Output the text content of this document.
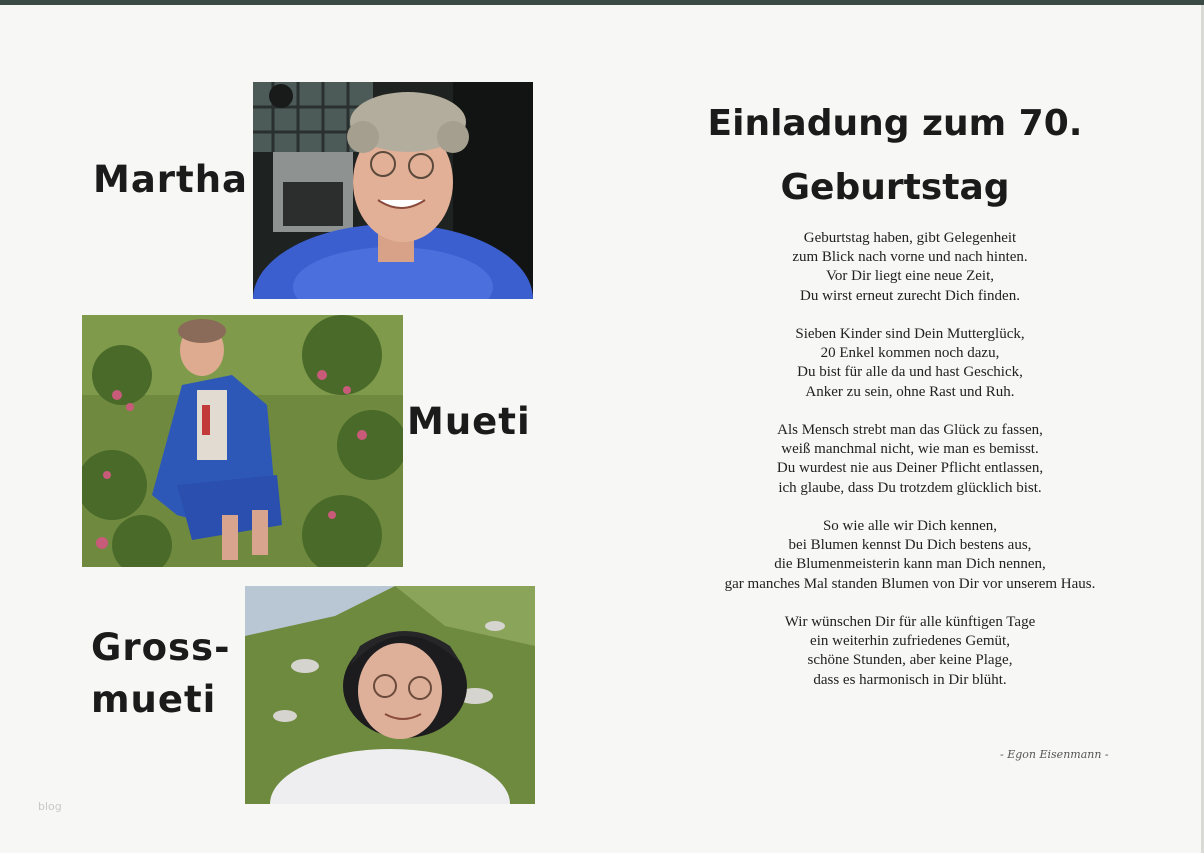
Martha
Mueti
Gross-
mueti
Einladung zum 70.
Geburtstag
Geburtstag haben, gibt Gelegenheit
zum Blick nach vorne und nach hinten.
Vor Dir liegt eine neue Zeit,
Du wirst erneut zurecht Dich finden.
Sieben Kinder sind Dein Mutterglück,
20 Enkel kommen noch dazu,
Du bist für alle da und hast Geschick,
Anker zu sein, ohne Rast und Ruh.
Als Mensch strebt man das Glück zu fassen,
weiß manchmal nicht, wie man es bemisst.
Du wurdest nie aus Deiner Pflicht entlassen,
ich glaube, dass Du trotzdem glücklich bist.
So wie alle wir Dich kennen,
bei Blumen kennst Du Dich bestens aus,
die Blumenmeisterin kann man Dich nennen,
gar manches Mal standen Blumen von Dir vor unserem Haus.
Wir wünschen Dir für alle künftigen Tage
ein weiterhin zufriedenes Gemüt,
schöne Stunden, aber keine Plage,
dass es harmonisch in Dir blüht.
- Egon Eisenmann -
blog
